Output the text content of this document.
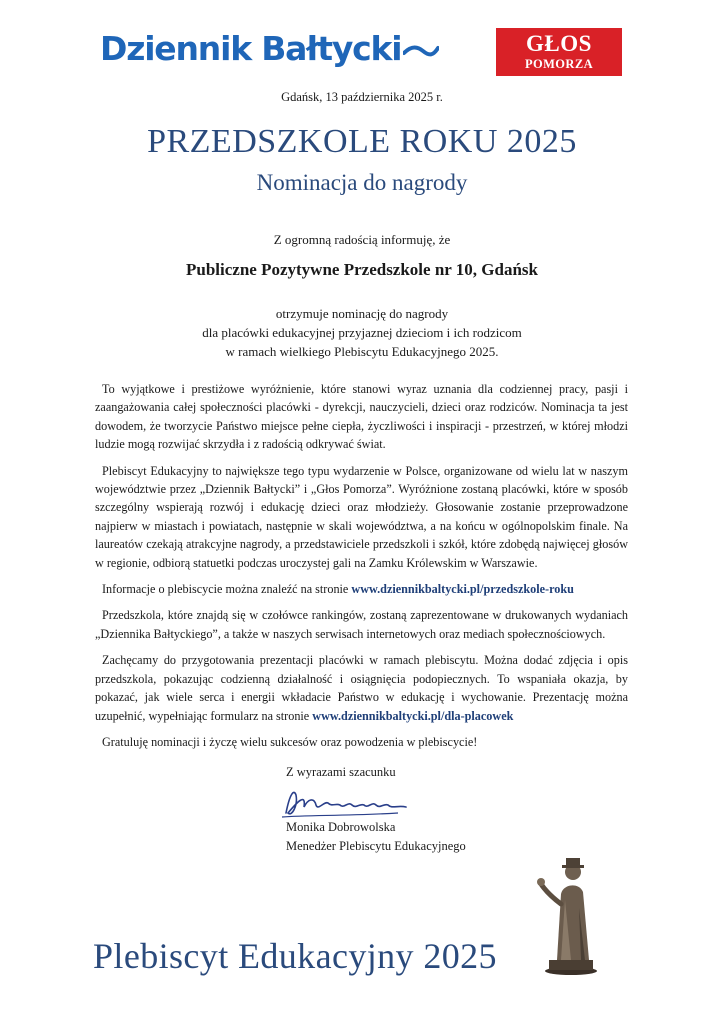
Dziennik Bałtycki	GŁOS
POMORZA
Gdańsk, 13 października 2025 r.
PRZEDSZKOLE ROKU 2025
Nominacja do nagrody
Z ogromną radością informuję, że
Publiczne Pozytywne Przedszkole nr 10, Gdańsk
otrzymuje nominację do nagrody
dla placówki edukacyjnej przyjaznej dzieciom i ich rodzicom
w ramach wielkiego Plebiscytu Edukacyjnego 2025.

To wyjątkowe i prestiżowe wyróżnienie, które stanowi wyraz uznania dla codziennej pracy, pasji i zaangażowania całej społeczności placówki - dyrekcji, nauczycieli, dzieci oraz rodziców. Nominacja ta jest dowodem, że tworzycie Państwo miejsce pełne ciepła, życzliwości i inspiracji - przestrzeń, w której młodzi ludzie mogą rozwijać skrzydła i z radością odkrywać świat.

Plebiscyt Edukacyjny to największe tego typu wydarzenie w Polsce, organizowane od wielu lat w naszym województwie przez „Dziennik Bałtycki” i „Głos Pomorza”. Wyróżnione zostaną placówki, które w sposób szczególny wspierają rozwój i edukację dzieci oraz młodzieży. Głosowanie zostanie przeprowadzone najpierw w miastach i powiatach, następnie w skali województwa, a na końcu w ogólnopolskim finale. Na laureatów czekają atrakcyjne nagrody, a przedstawiciele przedszkoli i szkół, które zdobędą najwięcej głosów w regionie, odbiorą statuetki podczas uroczystej gali na Zamku Królewskim w Warszawie.

Informacje o plebiscycie można znaleźć na stronie www.dziennikbaltycki.pl/przedszkole-roku

Przedszkola, które znajdą się w czołówce rankingów, zostaną zaprezentowane w drukowanych wydaniach „Dziennika Bałtyckiego”, a także w naszych serwisach internetowych oraz mediach społecznościowych.

Zachęcamy do przygotowania prezentacji placówki w ramach plebiscytu. Można dodać zdjęcia i opis przedszkola, pokazując codzienną działalność i osiągnięcia podopiecznych. To wspaniała okazja, by pokazać, jak wiele serca i energii wkładacie Państwo w edukację i wychowanie. Prezentację można uzupełnić, wypełniając formularz na stronie www.dziennikbaltycki.pl/dla-placowek

Gratuluję nominacji i życzę wielu sukcesów oraz powodzenia w plebiscycie!

Z wyrazami szacunku
Monika Dobrowolska
Menedżer Plebiscytu Edukacyjnego
Plebiscyt Edukacyjny 2025
